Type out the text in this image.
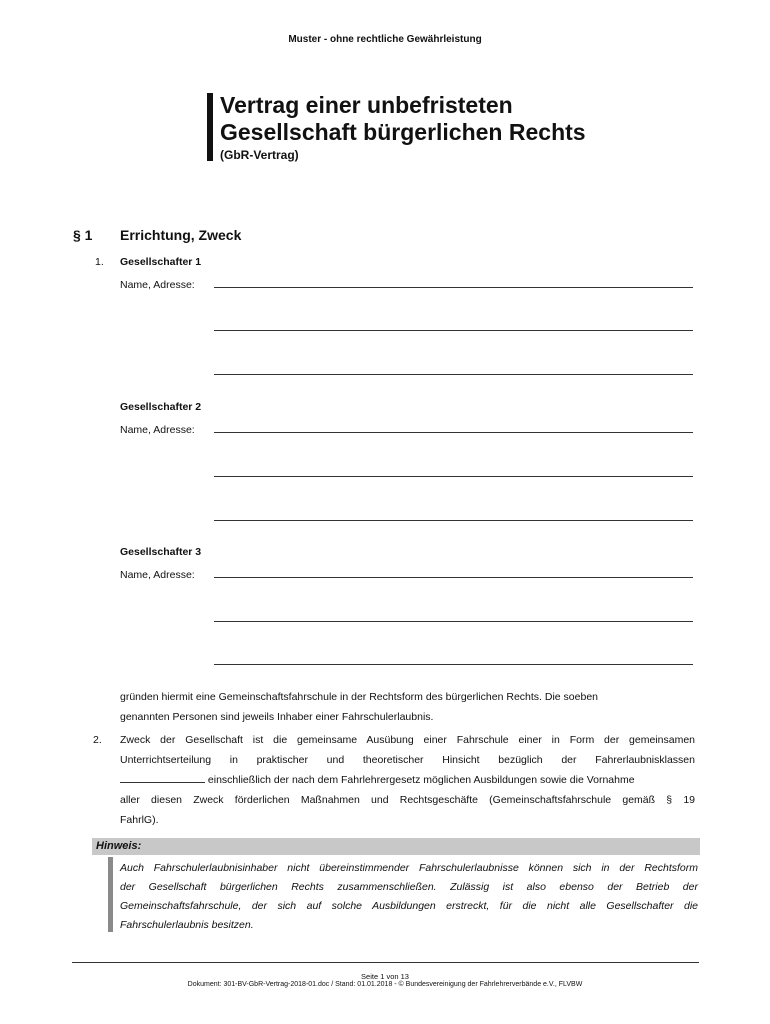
Muster - ohne rechtliche Gewährleistung
Vertrag einer unbefristeten
Gesellschaft bürgerlichen Rechts
(GbR-Vertrag)
§ 1 Errichtung, Zweck
1. Gesellschafter 1
Name, Adresse:
Gesellschafter 2
Name, Adresse:
Gesellschafter 3
Name, Adresse:
gründen hiermit eine Gemeinschaftsfahrschule in der Rechtsform des bürgerlichen Rechts. Die soeben
genannten Personen sind jeweils Inhaber einer Fahrschulerlaubnis.
2. Zweck der Gesellschaft ist die gemeinsame Ausübung einer Fahrschule einer in Form der gemeinsamen
Unterrichtserteilung in praktischer und theoretischer Hinsicht bezüglich der Fahrerlaubnisklassen
einschließlich der nach dem Fahrlehrergesetz möglichen Ausbildungen sowie die Vornahme
aller diesen Zweck förderlichen Maßnahmen und Rechtsgeschäfte (Gemeinschaftsfahrschule gemäß § 19
FahrlG).
Hinweis:
Auch Fahrschulerlaubnisinhaber nicht übereinstimmender Fahrschulerlaubnisse können sich in der Rechtsform
der Gesellschaft bürgerlichen Rechts zusammenschließen. Zulässig ist also ebenso der Betrieb der
Gemeinschaftsfahrschule, der sich auf solche Ausbildungen erstreckt, für die nicht alle Gesellschafter die
Fahrschulerlaubnis besitzen.
Seite 1 von 13
Dokument: 301-BV-GbR-Vertrag-2018-01.doc / Stand: 01.01.2018 - © Bundesvereinigung der Fahrlehrerverbände e.V., FLVBW
